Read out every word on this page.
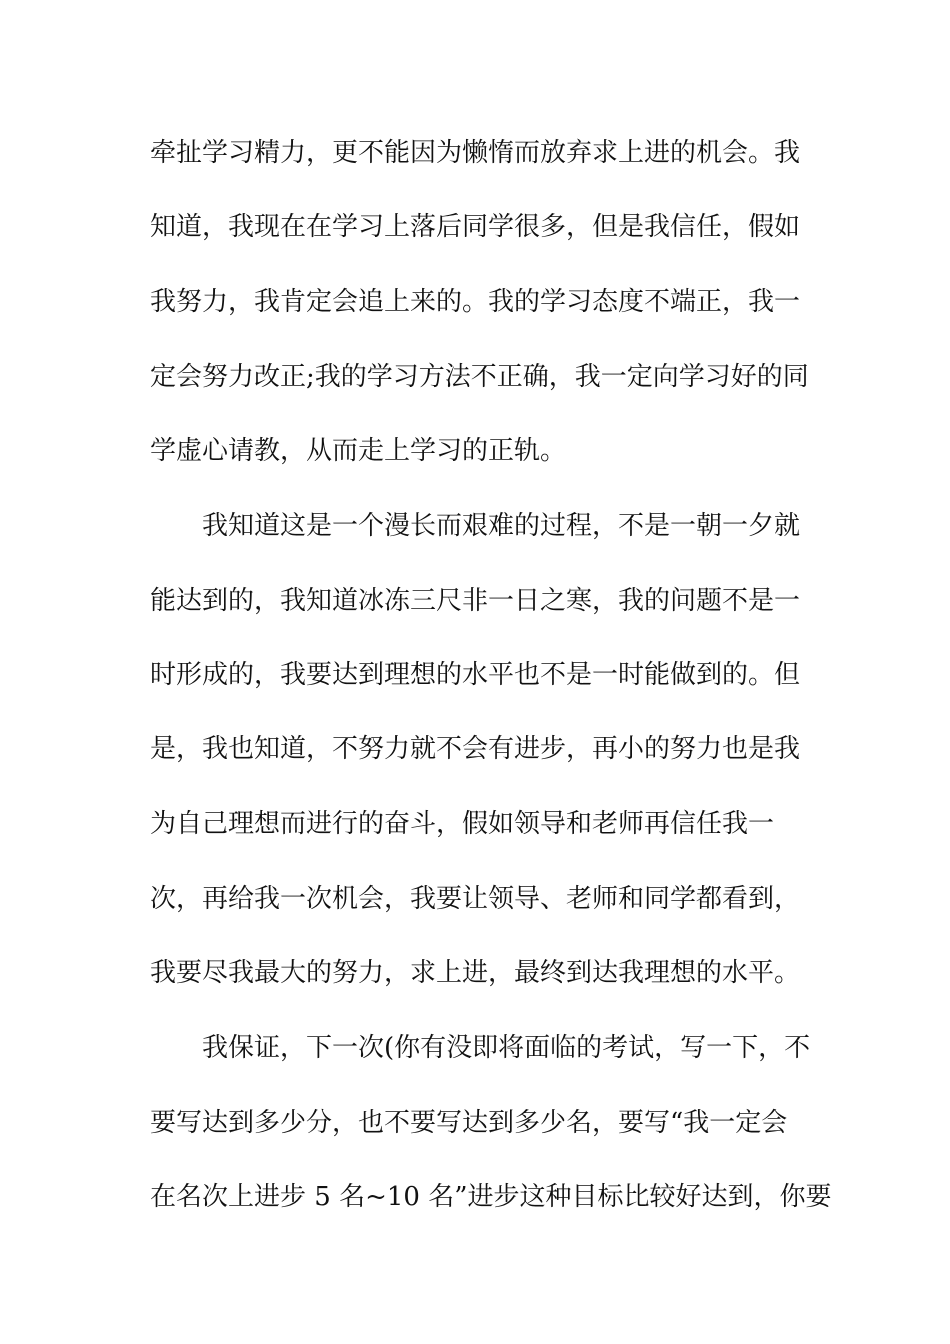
牵扯学习精力，更不能因为懒惰而放弃求上进的机会。我
知道，我现在在学习上落后同学很多，但是我信任，假如
我努力，我肯定会追上来的。我的学习态度不端正，我一
定会努力改正;我的学习方法不正确，我一定向学习好的同
学虚心请教，从而走上学习的正轨。
我知道这是一个漫长而艰难的过程，不是一朝一夕就
能达到的，我知道冰冻三尺非一日之寒，我的问题不是一
时形成的，我要达到理想的水平也不是一时能做到的。但
是，我也知道，不努力就不会有进步，再小的努力也是我
为自己理想而进行的奋斗，假如领导和老师再信任我一
次，再给我一次机会，我要让领导、老师和同学都看到，
我要尽我最大的努力，求上进，最终到达我理想的水平。
我保证，下一次(你有没即将面临的考试，写一下，不
要写达到多少分，也不要写达到多少名，要写“我一定会
在名次上进步 5 名~10 名”进步这种目标比较好达到，你要
